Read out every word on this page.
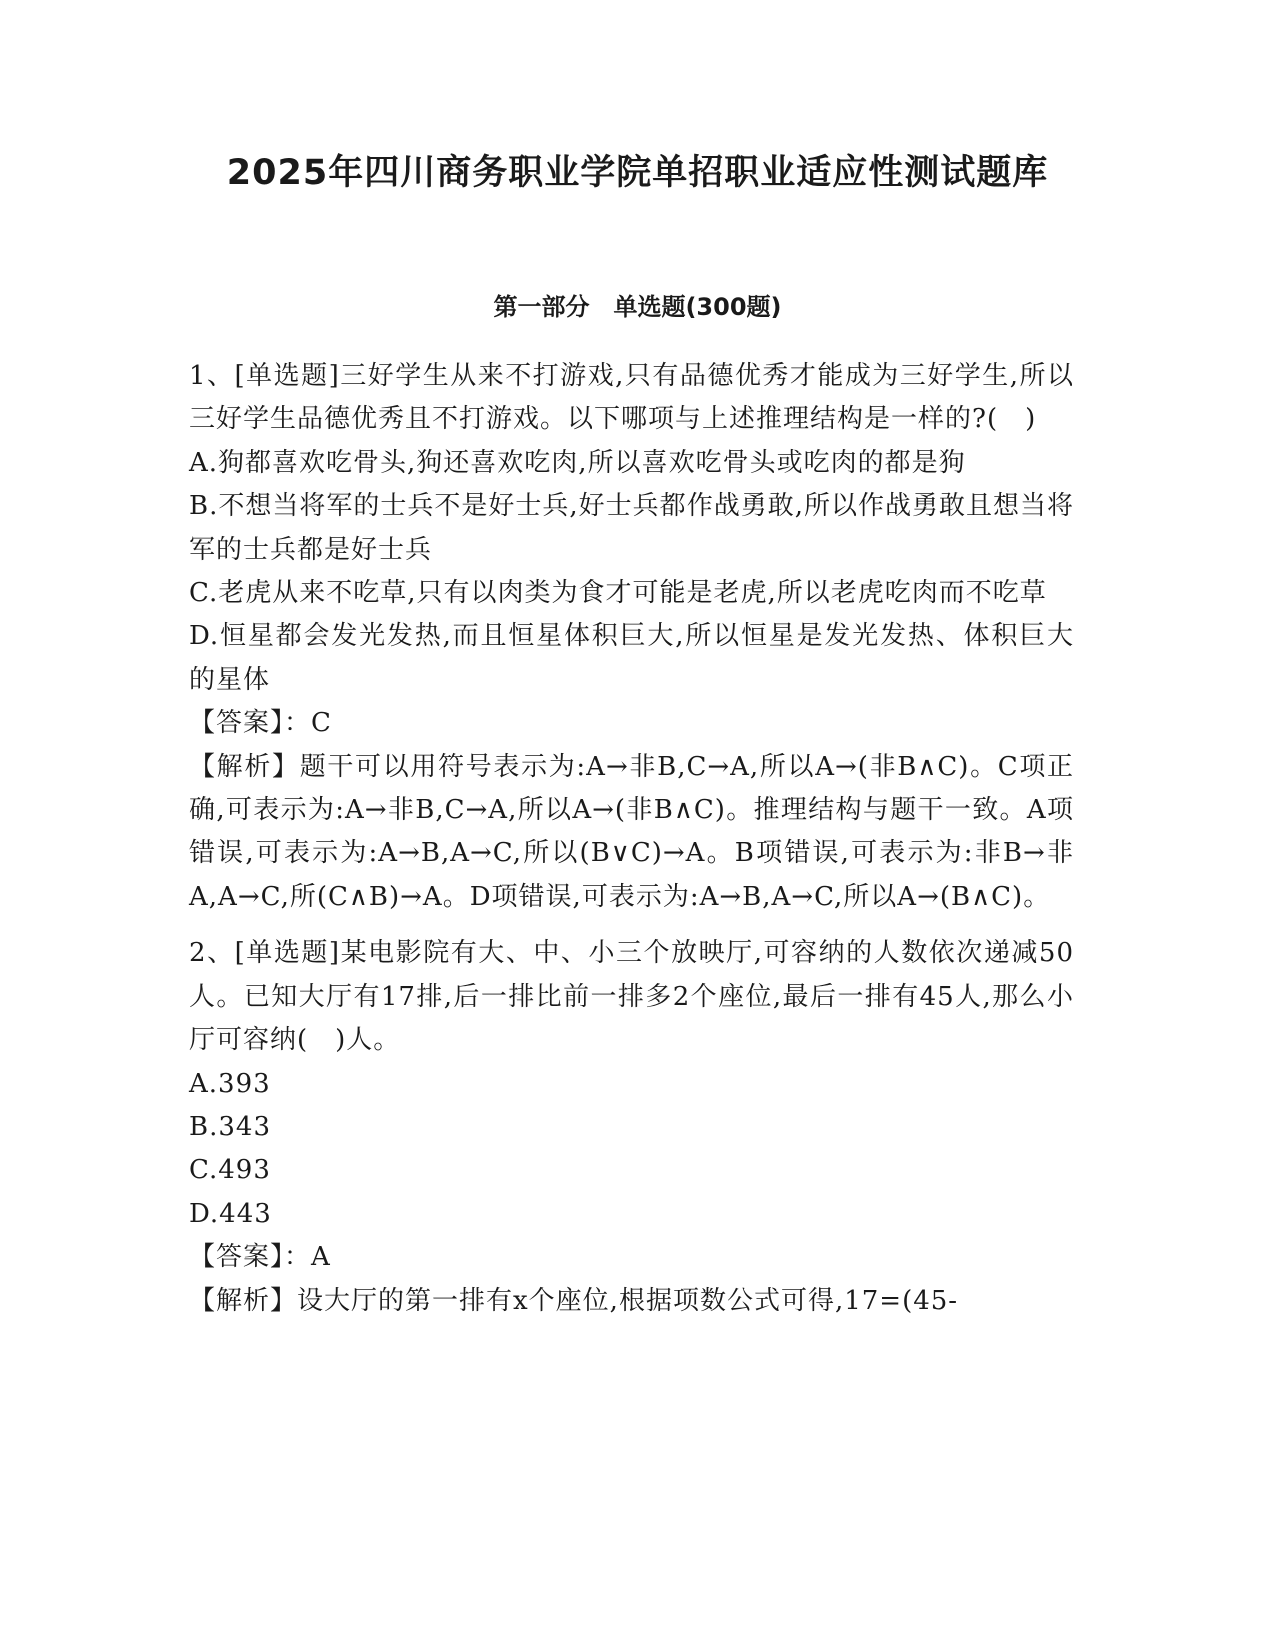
2025年四川商务职业学院单招职业适应性测试题库
第一部分　单选题(300题)

1、[单选题]三好学生从来不打游戏,只有品德优秀才能成为三好学生,所以三好学生品德优秀且不打游戏。以下哪项与上述推理结构是一样的?(　)

A.狗都喜欢吃骨头,狗还喜欢吃肉,所以喜欢吃骨头或吃肉的都是狗

B.不想当将军的士兵不是好士兵,好士兵都作战勇敢,所以作战勇敢且想当将军的士兵都是好士兵

C.老虎从来不吃草,只有以肉类为食才可能是老虎,所以老虎吃肉而不吃草

D.恒星都会发光发热,而且恒星体积巨大,所以恒星是发光发热、体积巨大的星体

【答案】：C

【解析】题干可以用符号表示为:A→非B,C→A,所以A→(非B∧C)。C项正确,可表示为:A→非B,C→A,所以A→(非B∧C)。推理结构与题干一致。A项错误,可表示为:A→B,A→C,所以(B∨C)→A。B项错误,可表示为:非B→非A,A→C,所(C∧B)→A。D项错误,可表示为:A→B,A→C,所以A→(B∧C)。

2、[单选题]某电影院有大、中、小三个放映厅,可容纳的人数依次递减50人。已知大厅有17排,后一排比前一排多2个座位,最后一排有45人,那么小厅可容纳(　)人。

A.393

B.343

C.493

D.443

【答案】：A

【解析】设大厅的第一排有x个座位,根据项数公式可得,17=(45-
